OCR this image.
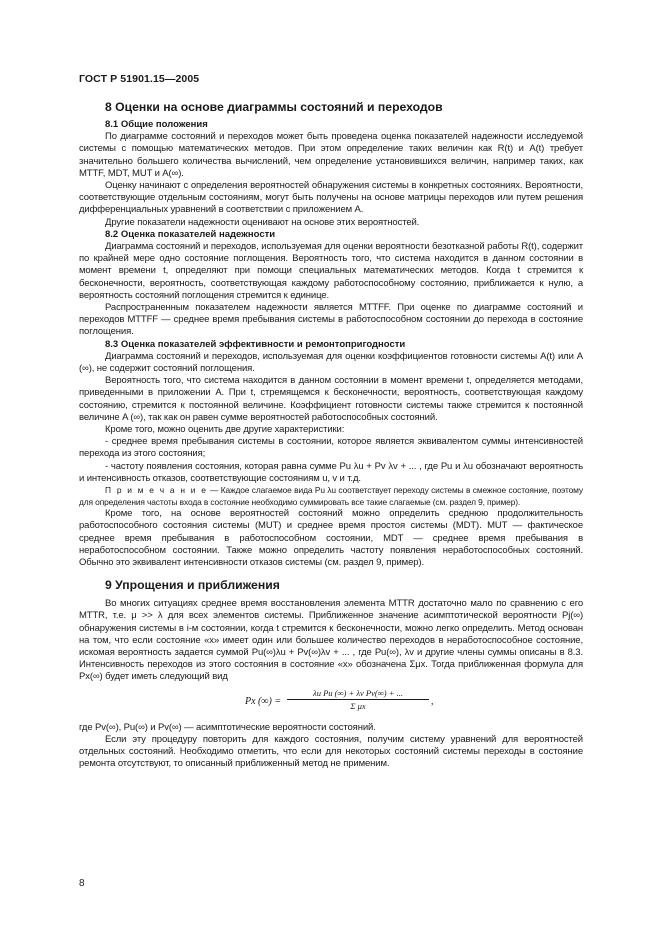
ГОСТ Р 51901.15—2005
8 Оценки на основе диаграммы состояний и переходов
8.1 Общие положения

По диаграмме состояний и переходов может быть проведена оценка показателей надежности исследуемой системы с помощью математических методов. При этом определение таких величин как R(t) и A(t) требует значительно большего количества вычислений, чем определение установившихся величин, например таких, как MTTF, MDT, MUT и A(∞).

Оценку начинают с определения вероятностей обнаружения системы в конкретных состояниях. Вероятности, соответствующие отдельным состояниям, могут быть получены на основе матрицы переходов или путем решения дифференциальных уравнений в соответствии с приложением А.

Другие показатели надежности оценивают на основе этих вероятностей.

8.2 Оценка показателей надежности

Диаграмма состояний и переходов, используемая для оценки вероятности безотказной работы R(t), содержит по крайней мере одно состояние поглощения. Вероятность того, что система находится в данном состоянии в момент времени t, определяют при помощи специальных математических методов. Когда t стремится к бесконечности, вероятность, соответствующая каждому работоспособному состоянию, приближается к нулю, а вероятность состояний поглощения стремится к единице.

Распространенным показателем надежности является MTTFF. При оценке по диаграмме состояний и переходов MTTFF — среднее время пребывания системы в работоспособном состоянии до перехода в состояние поглощения.

8.3 Оценка показателей эффективности и ремонтопригодности

Диаграмма состояний и переходов, используемая для оценки коэффициентов готовности системы A(t) или A (∞), не содержит состояний поглощения.

Вероятность того, что система находится в данном состоянии в момент времени t, определяется методами, приведенными в приложении А. При t, стремящемся к бесконечности, вероятность, соответствующая каждому состоянию, стремится к постоянной величине. Коэффициент готовности системы также стремится к постоянной величине A (∞), так как он равен сумме вероятностей работоспособных состояний.

Кроме того, можно оценить две другие характеристики:

- среднее время пребывания системы в состоянии, которое является эквивалентом суммы интенсивностей перехода из этого состояния;

- частоту появления состояния, которая равна сумме Pu λu + Pv λv + ... , где Pu и λu обозначают вероятность и интенсивность отказов, соответствующие состояниям u, v и т.д.

П р и м е ч а н и е — Каждое слагаемое вида Pu λu соответствует переходу системы в смежное состояние, поэтому для определения частоты входа в состояние необходимо суммировать все такие слагаемые (см. раздел 9, пример).

Кроме того, на основе вероятностей состояний можно определить среднюю продолжительность работоспособного состояния системы (MUT) и среднее время простоя системы (MDT). MUT — фактическое среднее время пребывания в работоспособном состоянии, MDT — среднее время пребывания в неработоспособном состоянии. Также можно определить частоту появления неработоспособных состояний. Обычно это эквивалент интенсивности отказов системы (см. раздел 9, пример).

9 Упрощения и приближения

Во многих ситуациях среднее время восстановления элемента MTTR достаточно мало по сравнению с его MTTR, т.е. μ >> λ для всех элементов системы. Приближенное значение асимптотической вероятности Pj(∞) обнаружения системы в i-м состоянии, когда t стремится к бесконечности, можно легко определить. Метод основан на том, что если состояние «x» имеет один или большее количество переходов в неработоспособное состояние, искомая вероятность задается суммой Pu(∞)λu + Pv(∞)λv + ... , где Pu(∞), λv и другие члены суммы описаны в 8.3. Интенсивность переходов из этого состояния в состояние «x» обозначена Σμx. Тогда приближенная формула для Px(∞) будет иметь следующий вид

Px (∞) = $\frac{\text{λu Pu (∞) + λv Pv(∞) + ...}}{\text{Σ μx}}$ ,

где Pv(∞), Pu(∞) и Pv(∞) — асимптотические вероятности состояний.

Если эту процедуру повторить для каждого состояния, получим систему уравнений для вероятностей отдельных состояний. Необходимо отметить, что если для некоторых состояний системы переходы в состояние ремонта отсутствуют, то описанный приближенный метод не применим.

8
